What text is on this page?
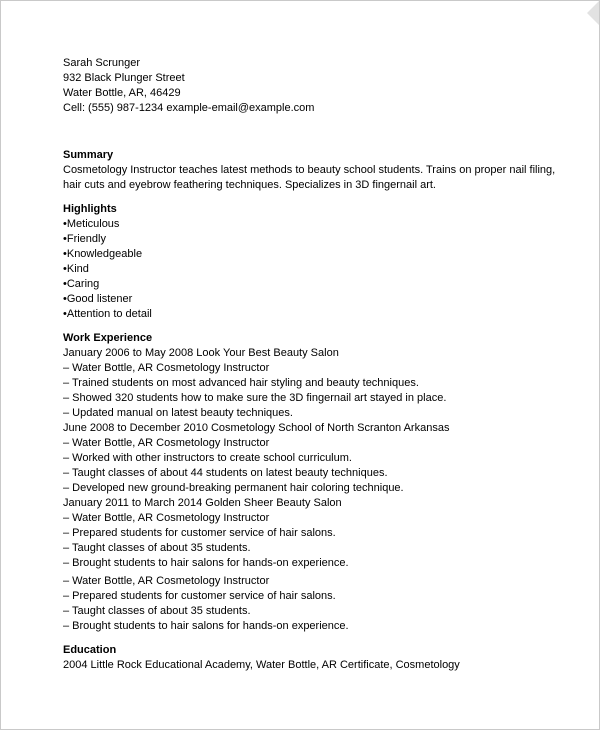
Sarah Scrunger
932 Black Plunger Street
Water Bottle, AR, 46429
Cell: (555) 987-1234 example-email@example.com
Summary
Cosmetology Instructor teaches latest methods to beauty school students. Trains on proper nail filing,
hair cuts and eyebrow feathering techniques. Specializes in 3D fingernail art.
Highlights
•Meticulous
•Friendly
•Knowledgeable
•Kind
•Caring
•Good listener
•Attention to detail
Work Experience
January 2006 to May 2008 Look Your Best Beauty Salon
– Water Bottle, AR Cosmetology Instructor
– Trained students on most advanced hair styling and beauty techniques.
– Showed 320 students how to make sure the 3D fingernail art stayed in place.
– Updated manual on latest beauty techniques.
June 2008 to December 2010 Cosmetology School of North Scranton Arkansas
– Water Bottle, AR Cosmetology Instructor
– Worked with other instructors to create school curriculum.
– Taught classes of about 44 students on latest beauty techniques.
– Developed new ground-breaking permanent hair coloring technique.
January 2011 to March 2014 Golden Sheer Beauty Salon
– Water Bottle, AR Cosmetology Instructor
– Prepared students for customer service of hair salons.
– Taught classes of about 35 students.
– Brought students to hair salons for hands-on experience.
– Water Bottle, AR Cosmetology Instructor
– Prepared students for customer service of hair salons.
– Taught classes of about 35 students.
– Brought students to hair salons for hands-on experience.
Education
2004 Little Rock Educational Academy, Water Bottle, AR Certificate, Cosmetology
